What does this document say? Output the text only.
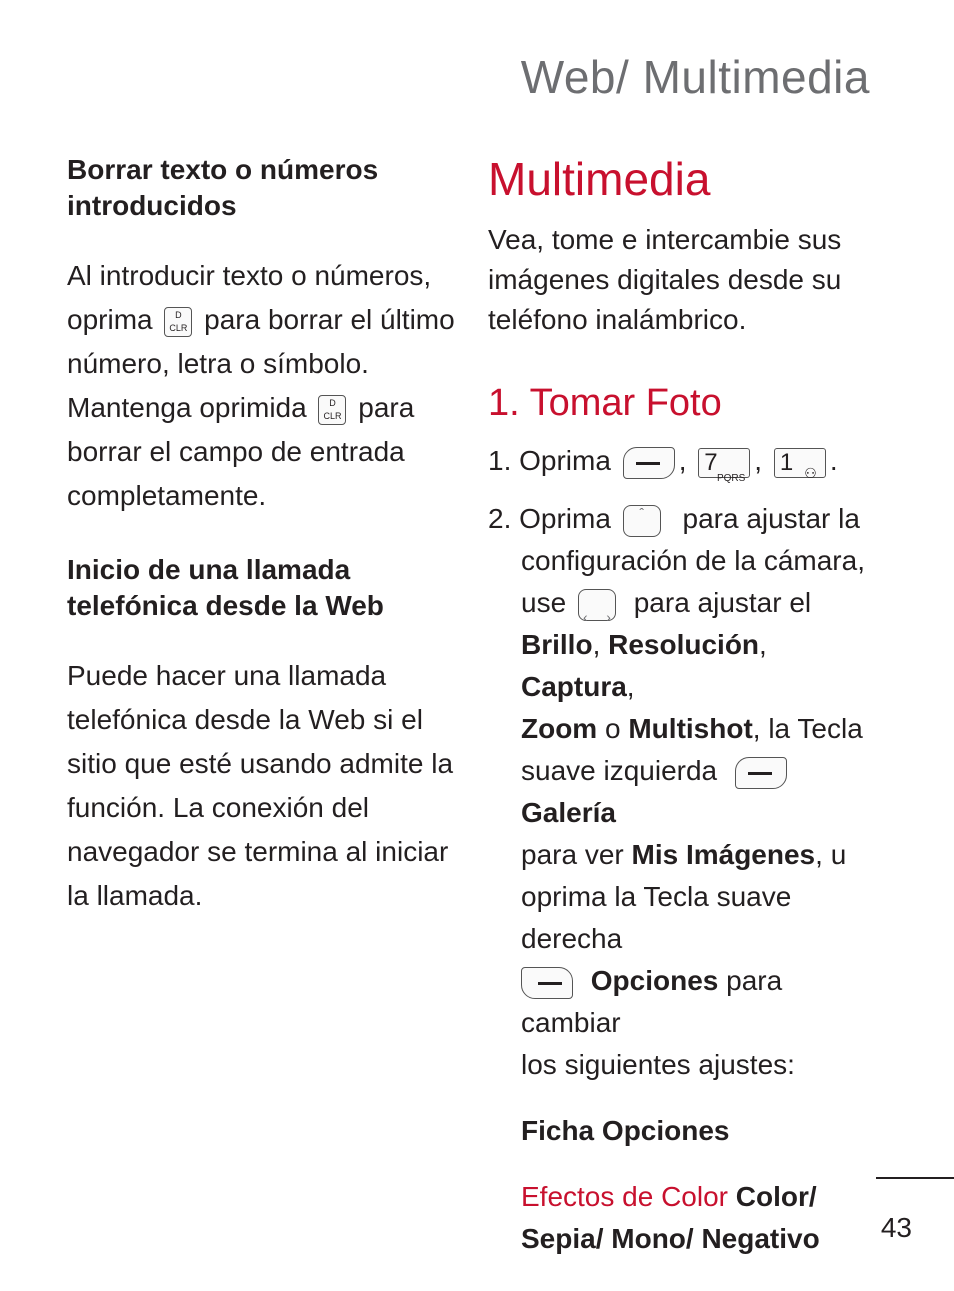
Web/ Multimedia

Borrar texto o números

introducidos

Al introducir texto o números,

oprima	D
CLR para borrar el último

número, letra o símbolo.

Mantenga oprimida	D
CLR para

borrar el campo de entrada

completamente.

Inicio de una llamada

telefónica desde la Web

Puede hacer una llamada

telefónica desde la Web si el

sitio que esté usando admite la

función. La conexión del

navegador se termina al iniciar

la llamada.

Multimedia

Vea, tome e intercambie sus

imágenes digitales desde su

teléfono inalámbrico.

1. Tomar Foto

1. Oprima , 7
PQRS
, 1 ⚇ .

2. Oprima	ˆ	para ajustar la

configuración de la cámara,

use ‹ › para ajustar el

Brillo, Resolución, Captura,

Zoom o Multishot, la Tecla

suave izquierda
Galería

para ver Mis Imágenes, u

oprima la Tecla suave derecha

Opciones para cambiar

los siguientes ajustes:

Ficha Opciones

Efectos de Color Color/

Sepia/ Mono/ Negativo	43
